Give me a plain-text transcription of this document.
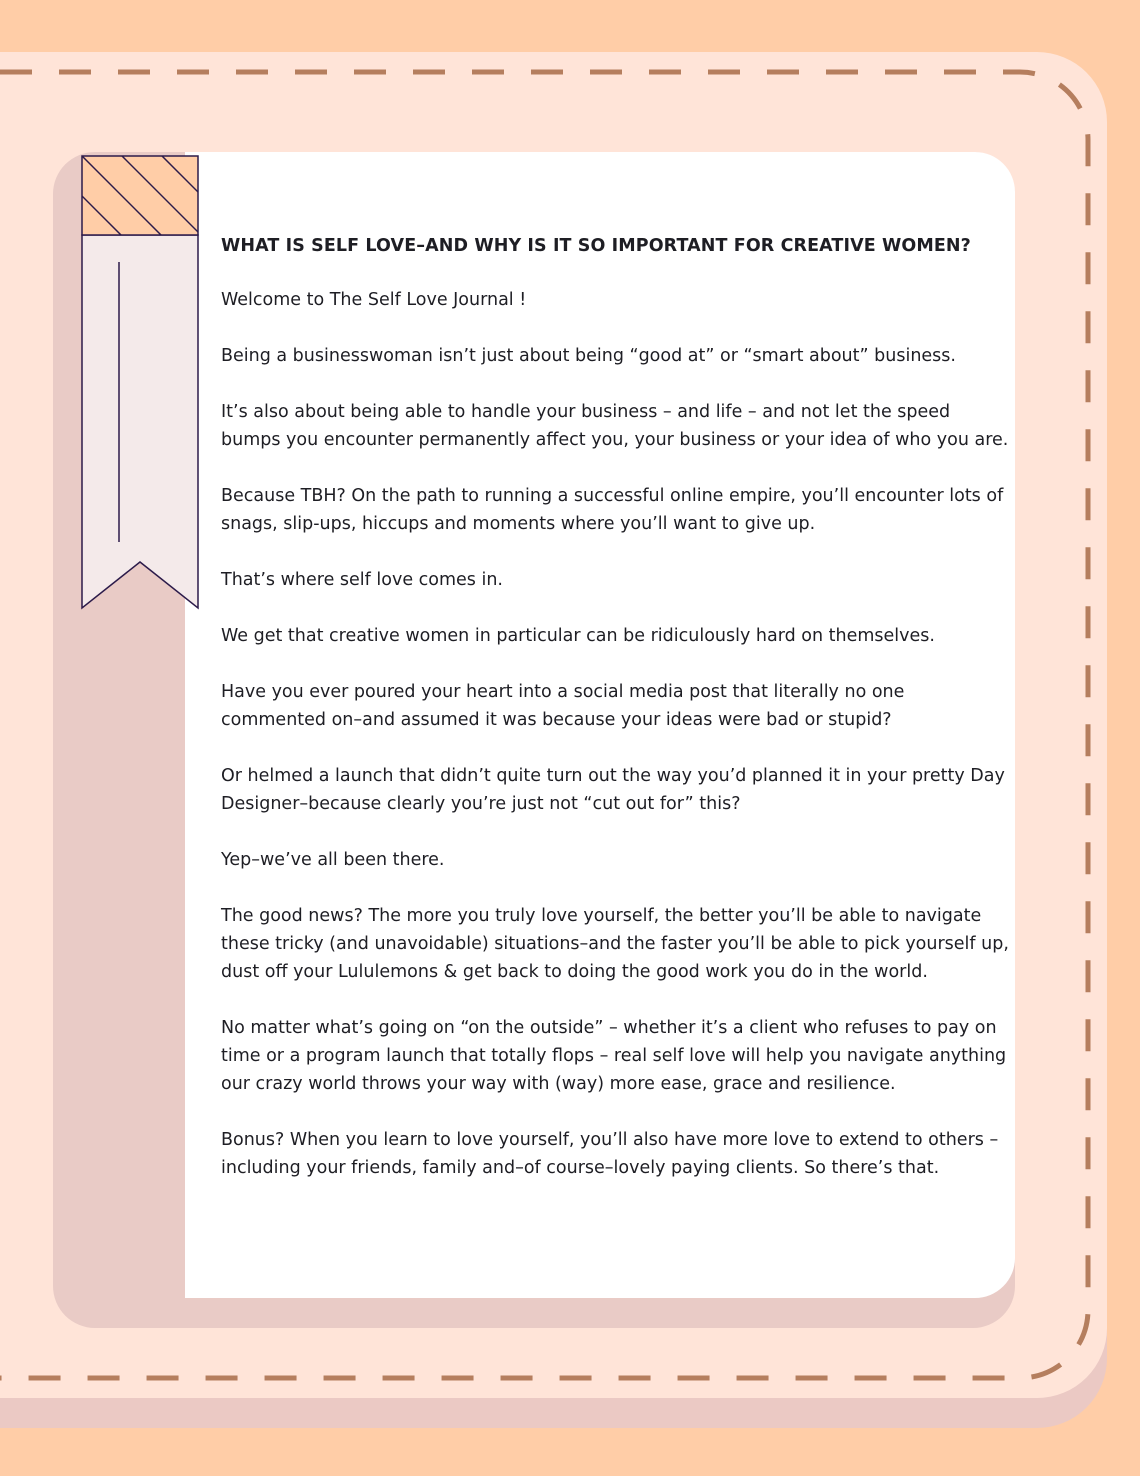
WHAT IS SELF LOVE–AND WHY IS IT SO IMPORTANT FOR CREATIVE WOMEN?

Welcome to The Self Love Journal !

Being a businesswoman isn’t just about being “good at” or “smart about” business.

It’s also about being able to handle your business – and life – and not let the speed bumps you encounter permanently affect you, your business or your idea of who you are.

Because TBH? On the path to running a successful online empire, you’ll encounter lots of snags, slip-ups, hiccups and moments where you’ll want to give up.

That’s where self love comes in.

We get that creative women in particular can be ridiculously hard on themselves.

Have you ever poured your heart into a social media post that literally no one commented on–and assumed it was because your ideas were bad or stupid?

Or helmed a launch that didn’t quite turn out the way you’d planned it in your pretty Day Designer–because clearly you’re just not “cut out for” this?

Yep–we’ve all been there.

The good news? The more you truly love yourself, the better you’ll be able to navigate these tricky (and unavoidable) situations–and the faster you’ll be able to pick yourself up, dust off your Lululemons & get back to doing the good work you do in the world.

No matter what’s going on “on the outside” – whether it’s a client who refuses to pay on time or a program launch that totally flops – real self love will help you navigate anything our crazy world throws your way with (way) more ease, grace and resilience.

Bonus? When you learn to love yourself, you’ll also have more love to extend to others – including your friends, family and–of course–lovely paying clients. So there’s that.
